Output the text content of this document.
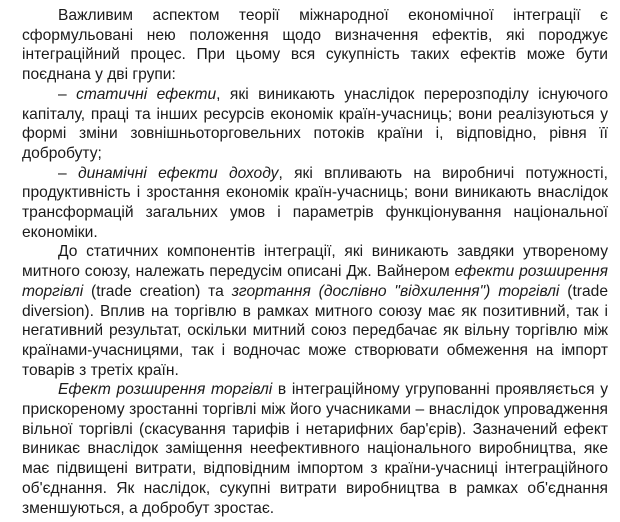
Важливим аспектом теорії міжнародної економічної інтеграції є сформульовані нею положення щодо визначення ефектів, які породжує інтеграційний процес. При цьому вся сукупність таких ефектів може бути поєднана у дві групи:

– статичні ефекти, які виникають унаслідок перерозподілу існуючого капіталу, праці та інших ресурсів економік країн-учасниць; вони реалізуються у формі зміни зовнішньоторговельних потоків країни і, відповідно, рівня її добробуту;

– динамічні ефекти доходу, які впливають на виробничі потужності, продуктивність і зростання економік країн-учасниць; вони виникають внаслідок трансформацій загальних умов і параметрів функціонування національної економіки.

До статичних компонентів інтеграції, які виникають завдяки утвореному митного союзу, належать передусім описані Дж. Вайнером ефекти розширення торгівлі (trade creation) та згортання (дослівно "відхилення") торгівлі (trade diversion). Вплив на торгівлю в рамках митного союзу має як позитивний, так і негативний результат, оскільки митний союз передбачає як вільну торгівлю між країнами-учасницями, так і водночас може створювати обмеження на імпорт товарів з третіх країн.

Ефект розширення торгівлі в інтеграційному угрупованні проявляється у прискореному зростанні торгівлі між його учасниками – внаслідок упровадження вільної торгівлі (скасування тарифів і нетарифних бар'єрів). Зазначений ефект виникає внаслідок заміщення неефективного національного виробництва, яке має підвищені витрати, відповідним імпортом з країни-учасниці інтеграційного об'єднання. Як наслідок, сукупні витрати виробництва в рамках об'єднання зменшуються, а добробут зростає.
